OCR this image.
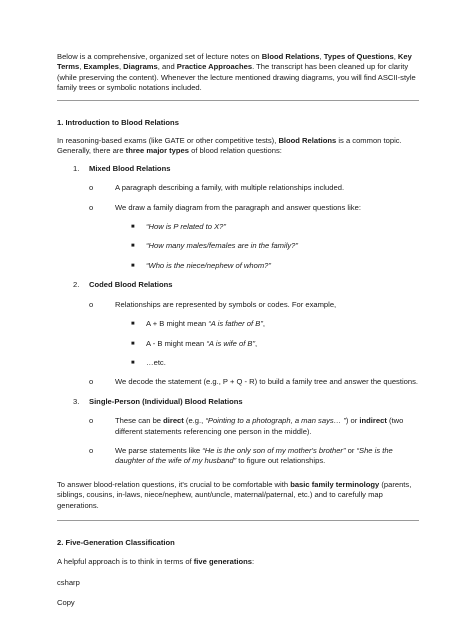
Below is a comprehensive, organized set of lecture notes on Blood Relations, Types of Questions, Key Terms, Examples, Diagrams, and Practice Approaches. The transcript has been cleaned up for clarity (while preserving the content). Whenever the lecture mentioned drawing diagrams, you will find ASCII-style family trees or symbolic notations included.

1. Introduction to Blood Relations

In reasoning-based exams (like GATE or other competitive tests), Blood Relations is a common topic. Generally, there are three major types of blood relation questions:

1.	Mixed Blood Relations
o	A paragraph describing a family, with multiple relationships included.
o	We draw a family diagram from the paragraph and answer questions like:
■ “How is P related to X?”
■ “How many males/females are in the family?”
■ “Who is the niece/nephew of whom?”
2.	Coded Blood Relations
o	Relationships are represented by symbols or codes. For example,
■ A + B might mean “A is father of B”,
■ A - B might mean “A is wife of B”,
■ …etc.
o	We decode the statement (e.g., P + Q - R) to build a family tree and answer the questions.
3.	Single-Person (Individual) Blood Relations
o	These can be direct (e.g., “Pointing to a photograph, a man says… ”) or indirect (two different statements referencing one person in the middle).
o	We parse statements like “He is the only son of my mother's brother” or “She is the daughter of the wife of my husband” to figure out relationships.

To answer blood-relation questions, it's crucial to be comfortable with basic family terminology (parents, siblings, cousins, in-laws, niece/nephew, aunt/uncle, maternal/paternal, etc.) and to carefully map generations.

2. Five-Generation Classification

A helpful approach is to think in terms of five generations:

csharp

Copy
